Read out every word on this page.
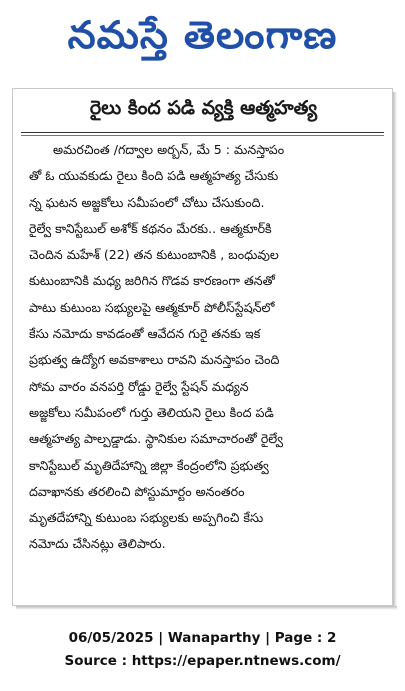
నమస్తే తెలంగాణ
రైలు కింద పడి వ్యక్తి ఆత్మహత్య
అమరచింత /గద్వాల అర్బన్, మే 5 : మనస్తాపం
తో ఓ యువకుడు రైలు కింది పడి ఆత్మహత్య చేసుకు
న్న ఘటన అజ్జకోలు సమీపంలో చోటు చేసుకుంది.
రైల్వే కానిస్టేబుల్ అశోక్ కథనం మేరకు.. ఆత్మకూర్‌కి
చెందిన మహేశ్ (22) తన కుటుంబానికి , బంధువుల
కుటుంబానికి మధ్య జరిగిన గొడవ కారణంగా తనతో
పాటు కుటుంబ సభ్యులపై ఆత్మకూర్ పోలీస్‌స్టేషన్‌లో
కేసు నమోదు కావడంతో ఆవేదన గురై తనకు ఇక
ప్రభుత్వ ఉద్యోగ అవకాశాలు రావని మనస్తాపం చెంది
సోమ వారం వనపర్తి రోడ్డు రైల్వే స్టేషన్ మధ్యన
అజ్జకోలు సమీపంలో గుర్తు తెలియని రైలు కింద పడి
ఆత్మహత్య పాల్పడ్డాడు. స్థానికుల సమాచారంతో రైల్వే
కానిస్టేబుల్ మృతిదేహాన్ని జిల్లా కేంద్రంలోని ప్రభుత్వ
దవాఖానకు తరలించి పోస్టుమార్టం అనంతరం
మృతదేహాన్ని కుటుంబ సభ్యులకు అప్పగించి కేసు
నమోదు చేసినట్లు తెలిపారు.
06/05/2025 | Wanaparthy | Page : 2
Source : https://epaper.ntnews.com/
